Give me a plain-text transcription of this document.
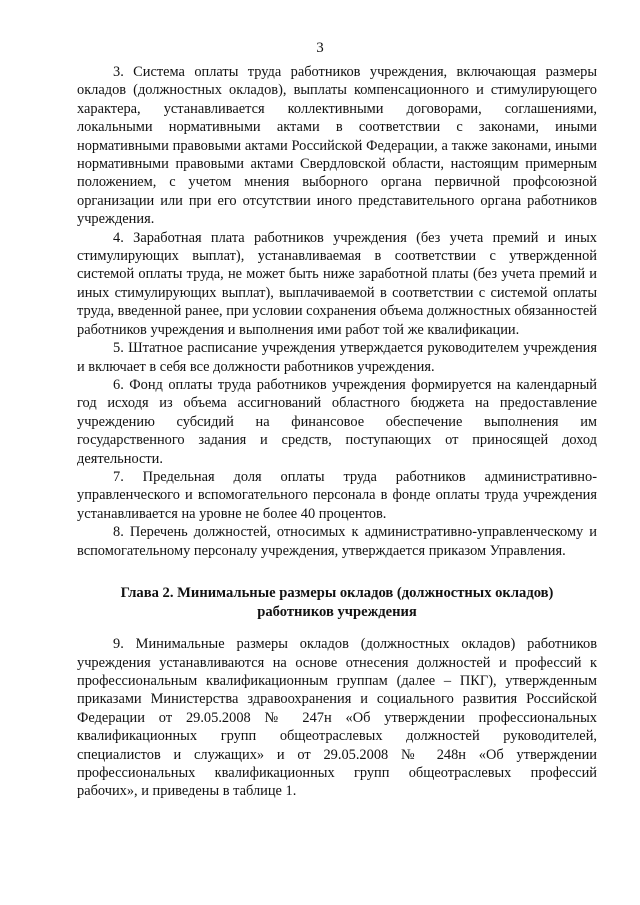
3

3. Система оплаты труда работников учреждения, включающая размеры окладов (должностных окладов), выплаты компенсационного и стимулирующего характера, устанавливается коллективными договорами, соглашениями, локальными нормативными актами в соответствии с законами, иными нормативными правовыми актами Российской Федерации, а также законами, иными нормативными правовыми актами Свердловской области, настоящим примерным положением, с учетом мнения выборного органа первичной профсоюзной организации или при его отсутствии иного представительного органа работников учреждения.

4. Заработная плата работников учреждения (без учета премий и иных стимулирующих выплат), устанавливаемая в соответствии с утвержденной системой оплаты труда, не может быть ниже заработной платы (без учета премий и иных стимулирующих выплат), выплачиваемой в соответствии с системой оплаты труда, введенной ранее, при условии сохранения объема должностных обязанностей работников учреждения и выполнения ими работ той же квалификации.

5. Штатное расписание учреждения утверждается руководителем учреждения и включает в себя все должности работников учреждения.

6. Фонд оплаты труда работников учреждения формируется на календарный год исходя из объема ассигнований областного бюджета на предоставление учреждению субсидий на финансовое обеспечение выполнения им государственного задания и средств, поступающих от приносящей доход деятельности.

7. Предельная доля оплаты труда работников административно-управленческого и вспомогательного персонала в фонде оплаты труда учреждения устанавливается на уровне не более 40 процентов.

8. Перечень должностей, относимых к административно-управленческому и вспомогательному персоналу учреждения, утверждается приказом Управления.

Глава 2. Минимальные размеры окладов (должностных окладов)
работников учреждения

9. Минимальные размеры окладов (должностных окладов) работников учреждения устанавливаются на основе отнесения должностей и профессий к профессиональным квалификационным группам (далее – ПКГ), утвержденным приказами Министерства здравоохранения и социального развития Российской Федерации от 29.05.2008 № 247н «Об утверждении профессиональных квалификационных групп общеотраслевых должностей руководителей, специалистов и служащих» и от 29.05.2008 № 248н «Об утверждении профессиональных квалификационных групп общеотраслевых профессий рабочих», и приведены в таблице 1.
